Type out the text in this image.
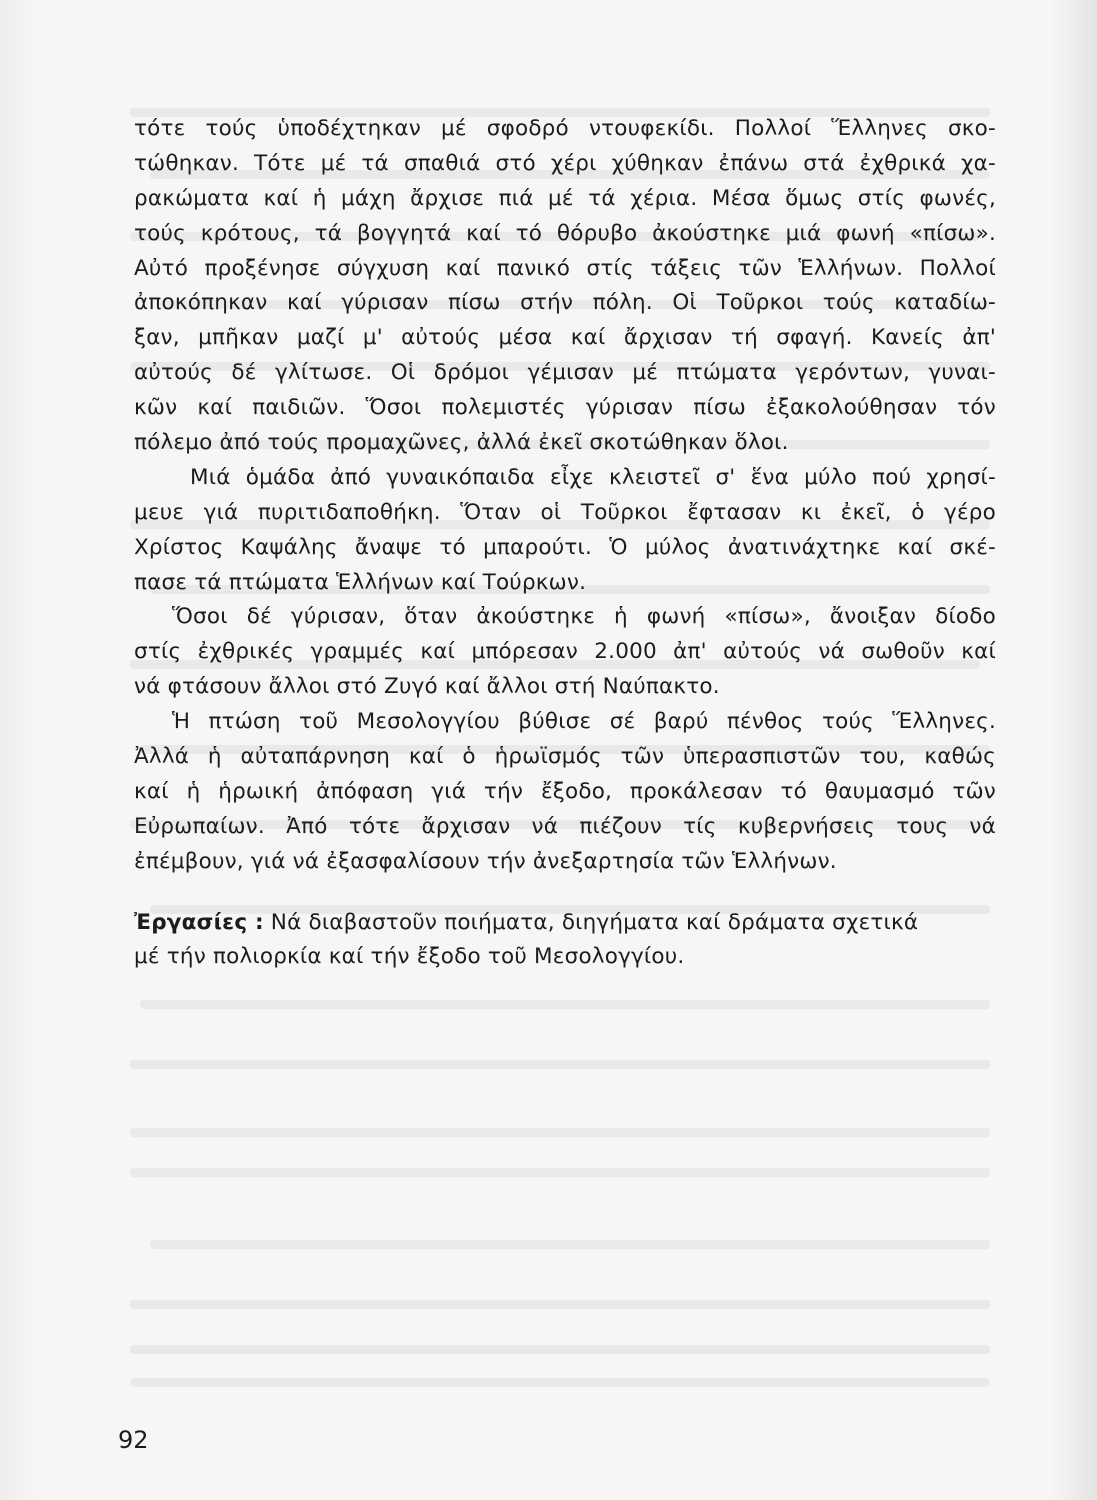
τότε τούς ὑποδέχτηκαν μέ σφοδρό ντουφεκίδι. Πολλοί Ἕλληνες σκο-
τώθηκαν. Τότε μέ τά σπαθιά στό χέρι χύθηκαν ἐπάνω στά ἐχθρικά χα-
ρακώματα καί ἡ μάχη ἄρχισε πιά μέ τά χέρια. Μέσα ὅμως στίς φωνές,
τούς κρότους, τά βογγητά καί τό θόρυβο ἀκούστηκε μιά φωνή «πίσω».
Αὐτό προξένησε σύγχυση καί πανικό στίς τάξεις τῶν Ἑλλήνων. Πολλοί
ἀποκόπηκαν καί γύρισαν πίσω στήν πόλη. Οἱ Τοῦρκοι τούς καταδίω-
ξαν, μπῆκαν μαζί μ' αὐτούς μέσα καί ἄρχισαν τή σφαγή. Κανείς ἀπ'
αὐτούς δέ γλίτωσε. Οἱ δρόμοι γέμισαν μέ πτώματα γερόντων, γυναι-
κῶν καί παιδιῶν. Ὅσοι πολεμιστές γύρισαν πίσω ἐξακολούθησαν τόν
πόλεμο ἀπό τούς προμαχῶνες, ἀλλά ἐκεῖ σκοτώθηκαν ὅλοι.
Μιά ὁμάδα ἀπό γυναικόπαιδα εἶχε κλειστεῖ σ' ἕνα μύλο πού χρησί-
μευε γιά πυριτιδαποθήκη. Ὅταν οἱ Τοῦρκοι ἔφτασαν κι ἐκεῖ, ὁ γέρο
Χρίστος Καψάλης ἄναψε τό μπαρούτι. Ὁ μύλος ἀνατινάχτηκε καί σκέ-
πασε τά πτώματα Ἑλλήνων καί Τούρκων.
Ὅσοι δέ γύρισαν, ὅταν ἀκούστηκε ἡ φωνή «πίσω», ἄνοιξαν δίοδο
στίς ἐχθρικές γραμμές καί μπόρεσαν 2.000 ἀπ' αὐτούς νά σωθοῦν καί
νά φτάσουν ἄλλοι στό Ζυγό καί ἄλλοι στή Ναύπακτο.
Ἡ πτώση τοῦ Μεσολογγίου βύθισε σέ βαρύ πένθος τούς Ἕλληνες.
Ἀλλά ἡ αὐταπάρνηση καί ὁ ἡρωϊσμός τῶν ὑπερασπιστῶν του, καθώς
καί ἡ ἡρωική ἀπόφαση γιά τήν ἔξοδο, προκάλεσαν τό θαυμασμό τῶν
Εὐρωπαίων. Ἀπό τότε ἄρχισαν νά πιέζουν τίς κυβερνήσεις τους νά
ἐπέμβουν, γιά νά ἐξασφαλίσουν τήν ἀνεξαρτησία τῶν Ἑλλήνων.
Ἐργασίες : Νά διαβαστοῦν ποιήματα, διηγήματα καί δράματα σχετικά
μέ τήν πολιορκία καί τήν ἔξοδο τοῦ Μεσολογγίου.
92
